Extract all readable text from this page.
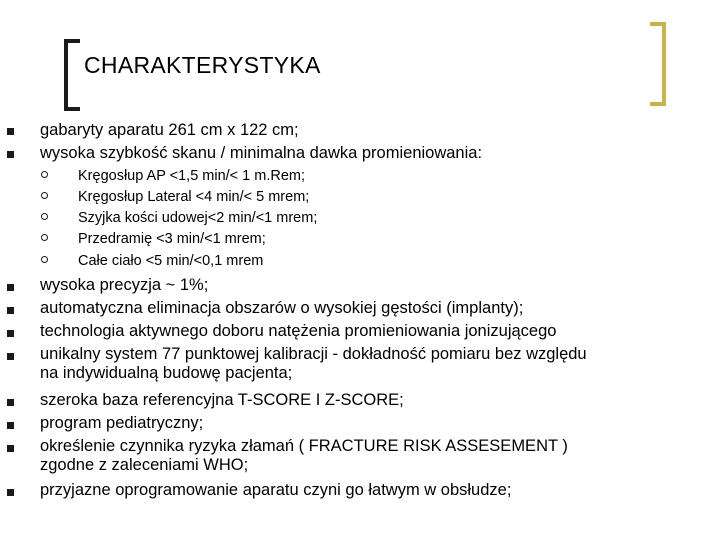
CHARAKTERYSTYKA
gabaryty aparatu 261 cm x 122 cm;
wysoka szybkość skanu / minimalna dawka promieniowania:
Kręgosłup AP <1,5 min/< 1 m.Rem;
Kręgosłup Lateral <4 min/< 5 mrem;
Szyjka kości udowej<2 min/<1 mrem;
Przedramię <3 min/<1 mrem;
Całe ciało <5 min/<0,1 mrem
wysoka precyzja ~ 1%;
automatyczna eliminacja obszarów o wysokiej gęstości (implanty);
technologia aktywnego doboru natężenia promieniowania jonizującego
unikalny system 77 punktowej kalibracji - dokładność pomiaru bez względu
na indywidualną budowę pacjenta;
szeroka baza referencyjna T-SCORE I Z-SCORE;
program pediatryczny;
określenie czynnika ryzyka złamań ( FRACTURE RISK ASSESEMENT )
zgodne z zaleceniami WHO;
przyjazne oprogramowanie aparatu czyni go łatwym w obsłudze;
